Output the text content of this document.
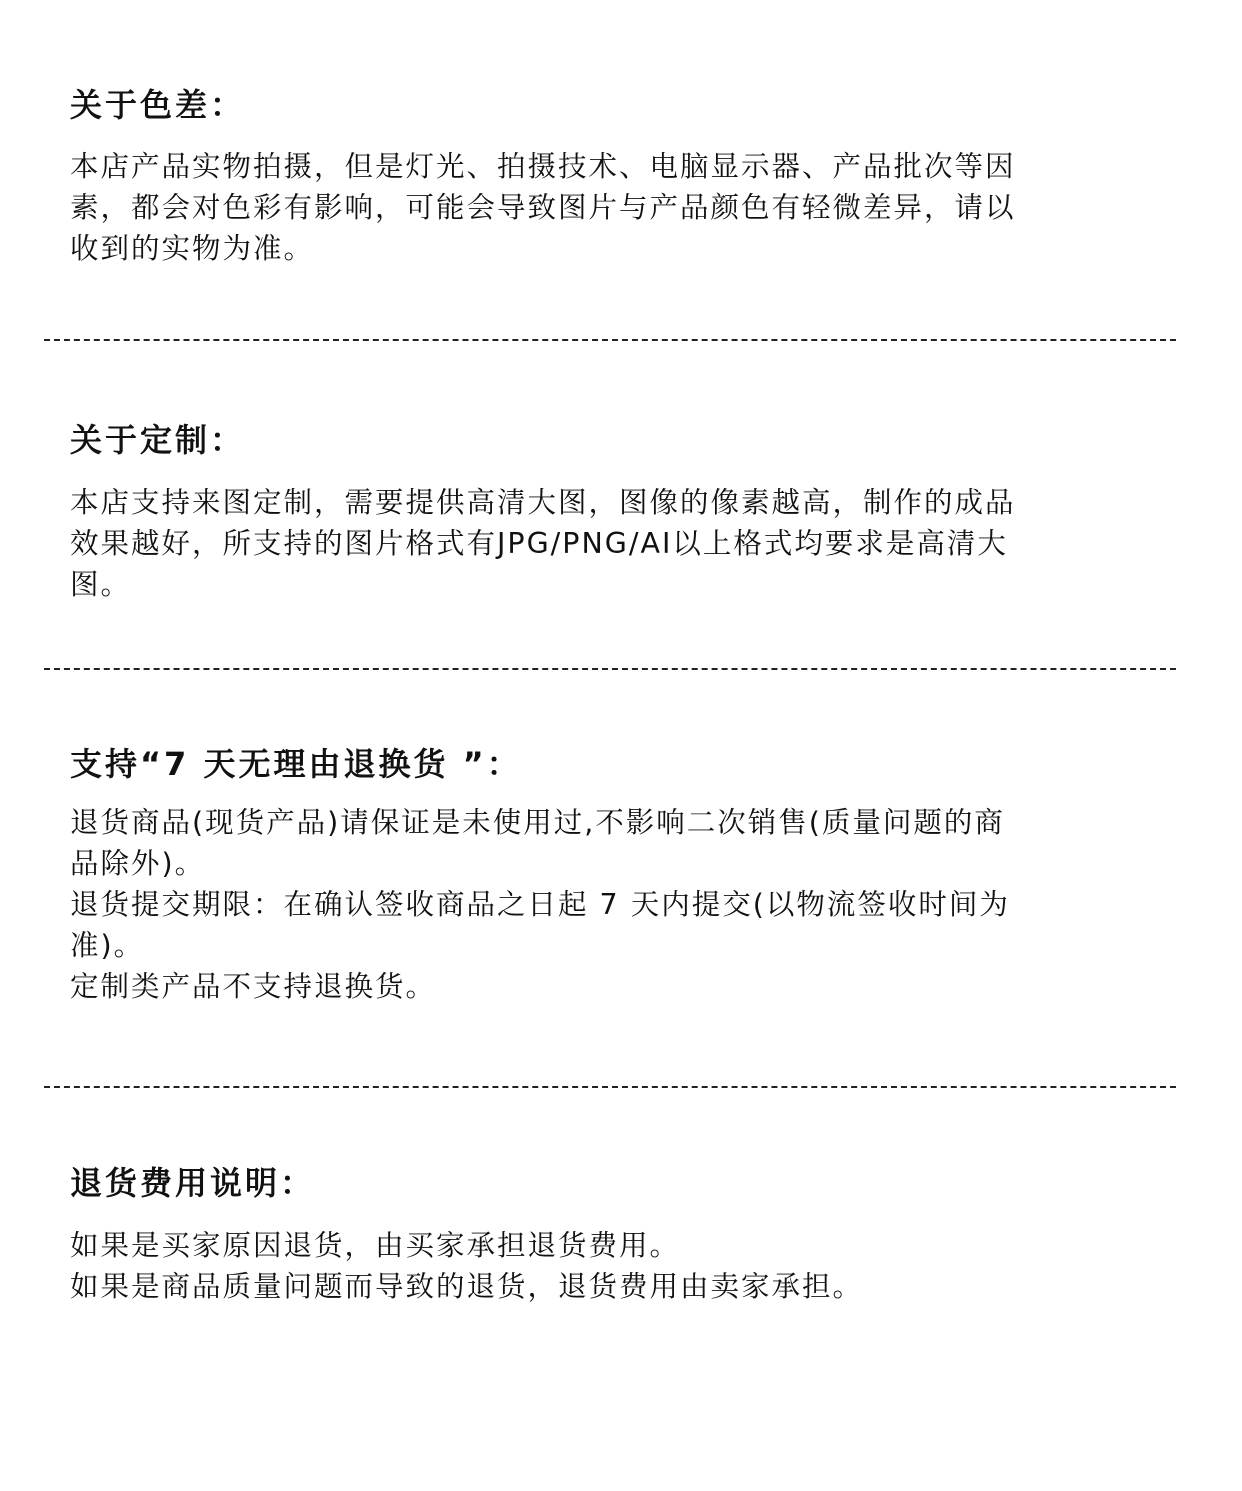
关于色差：

本店产品实物拍摄，但是灯光、拍摄技术、电脑显示器、产品批次等因
素，都会对色彩有影响，可能会导致图片与产品颜色有轻微差异，请以
收到的实物为准。

关于定制：

本店支持来图定制，需要提供高清大图，图像的像素越高，制作的成品
效果越好，所支持的图片格式有JPG/PNG/AI以上格式均要求是高清大
图。

支持“7 天无理由退换货 ”：

退货商品(现货产品)请保证是未使用过,不影响二次销售(质量问题的商
品除外)。
退货提交期限：在确认签收商品之日起 7 天内提交(以物流签收时间为
准)。
定制类产品不支持退换货。

退货费用说明：

如果是买家原因退货，由买家承担退货费用。
如果是商品质量问题而导致的退货，退货费用由卖家承担。
